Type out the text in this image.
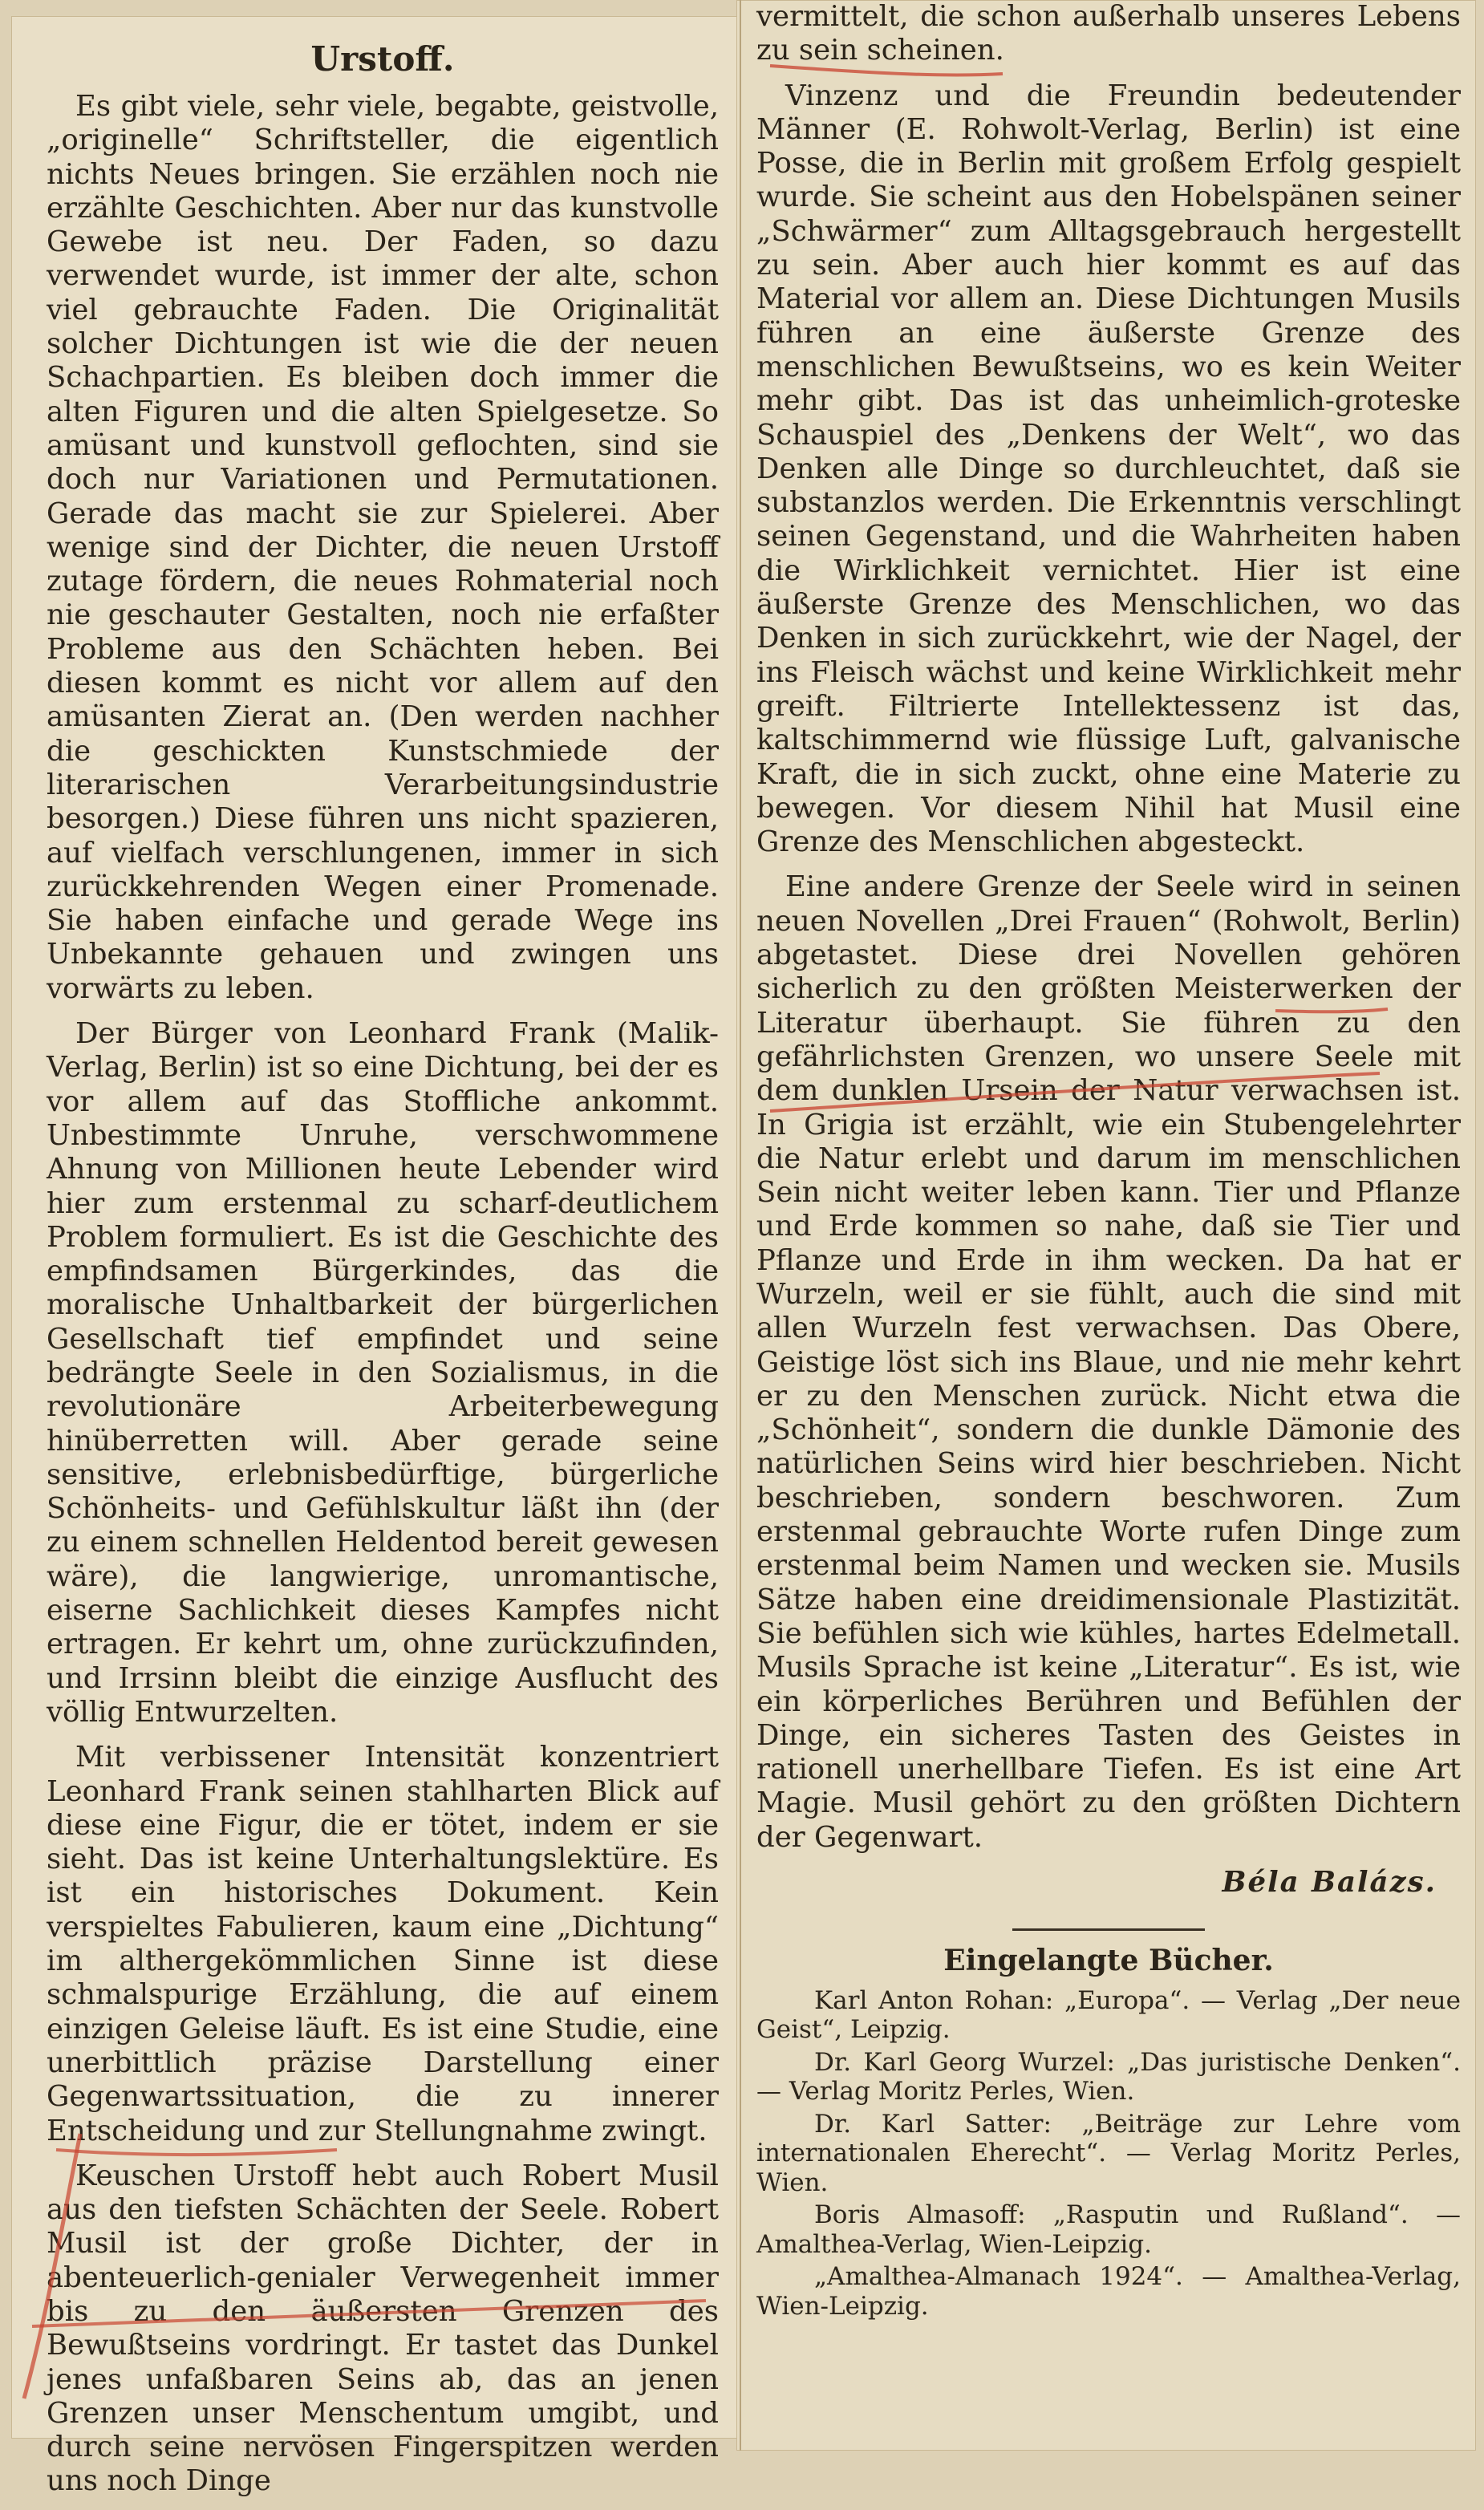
Urstoff.

Es gibt viele, sehr viele, begabte, geistvolle, „originelle“ Schriftsteller, die eigentlich nichts Neues bringen. Sie erzählen noch nie erzählte Geschichten. Aber nur das kunstvolle Gewebe ist neu. Der Faden, so dazu verwendet wurde, ist immer der alte, schon viel gebrauchte Faden. Die Originalität solcher Dichtungen ist wie die der neuen Schachpartien. Es bleiben doch immer die alten Figuren und die alten Spielgesetze. So amüsant und kunstvoll geflochten, sind sie doch nur Variationen und Permutationen. Gerade das macht sie zur Spielerei. Aber wenige sind der Dichter, die neuen Urstoff zutage fördern, die neues Rohmaterial noch nie geschauter Gestalten, noch nie erfaßter Probleme aus den Schächten heben. Bei diesen kommt es nicht vor allem auf den amüsanten Zierat an. (Den werden nachher die geschickten Kunstschmiede der literarischen Verarbeitungsindustrie besorgen.) Diese führen uns nicht spazieren, auf vielfach verschlungenen, immer in sich zurückkehrenden Wegen einer Promenade. Sie haben einfache und gerade Wege ins Unbekannte gehauen und zwingen uns vorwärts zu leben.

Der Bürger von Leonhard Frank (Malik-Verlag, Berlin) ist so eine Dichtung, bei der es vor allem auf das Stoffliche ankommt. Unbestimmte Unruhe, verschwommene Ahnung von Millionen heute Lebender wird hier zum erstenmal zu scharf-deutlichem Problem formuliert. Es ist die Geschichte des empfindsamen Bürgerkindes, das die moralische Unhaltbarkeit der bürgerlichen Gesellschaft tief empfindet und seine bedrängte Seele in den Sozialismus, in die revolutionäre Arbeiterbewegung hinüberretten will. Aber gerade seine sensitive, erlebnisbedürftige, bürgerliche Schönheits- und Gefühlskultur läßt ihn (der zu einem schnellen Heldentod bereit gewesen wäre), die langwierige, unromantische, eiserne Sachlichkeit dieses Kampfes nicht ertragen. Er kehrt um, ohne zurückzufinden, und Irrsinn bleibt die einzige Ausflucht des völlig Entwurzelten.

Mit verbissener Intensität konzentriert Leonhard Frank seinen stahlharten Blick auf diese eine Figur, die er tötet, indem er sie sieht. Das ist keine Unterhaltungslektüre. Es ist ein historisches Dokument. Kein verspieltes Fabulieren, kaum eine „Dichtung“ im althergekömmlichen Sinne ist diese schmalspurige Erzählung, die auf einem einzigen Geleise läuft. Es ist eine Studie, eine unerbittlich präzise Darstellung einer Gegenwartssituation, die zu innerer Entscheidung und zur Stellungnahme zwingt.

Keuschen Urstoff hebt auch Robert Musil aus den tiefsten Schächten der Seele. Robert Musil ist der große Dichter, der in abenteuerlich-genialer Verwegenheit immer bis zu den äußersten Grenzen des Bewußtseins vordringt. Er tastet das Dunkel jenes unfaßbaren Seins ab, das an jenen Grenzen unser Menschentum umgibt, und durch seine nervösen Fingerspitzen werden uns noch Dinge

vermittelt, die schon außerhalb unseres Lebens zu sein scheinen.

Vinzenz und die Freundin bedeutender Männer (E. Rohwolt-Verlag, Berlin) ist eine Posse, die in Berlin mit großem Erfolg gespielt wurde. Sie scheint aus den Hobelspänen seiner „Schwärmer“ zum Alltagsgebrauch hergestellt zu sein. Aber auch hier kommt es auf das Material vor allem an. Diese Dichtungen Musils führen an eine äußerste Grenze des menschlichen Bewußtseins, wo es kein Weiter mehr gibt. Das ist das unheimlich-groteske Schauspiel des „Denkens der Welt“, wo das Denken alle Dinge so durchleuchtet, daß sie substanzlos werden. Die Erkenntnis verschlingt seinen Gegenstand, und die Wahrheiten haben die Wirklichkeit vernichtet. Hier ist eine äußerste Grenze des Menschlichen, wo das Denken in sich zurückkehrt, wie der Nagel, der ins Fleisch wächst und keine Wirklichkeit mehr greift. Filtrierte Intellektessenz ist das, kaltschimmernd wie flüssige Luft, galvanische Kraft, die in sich zuckt, ohne eine Materie zu bewegen. Vor diesem Nihil hat Musil eine Grenze des Menschlichen abgesteckt.

Eine andere Grenze der Seele wird in seinen neuen Novellen „Drei Frauen“ (Rohwolt, Berlin) abgetastet. Diese drei Novellen gehören sicherlich zu den größten Meisterwerken der Literatur überhaupt. Sie führen zu den gefährlichsten Grenzen, wo unsere Seele mit dem dunklen Ursein der Natur verwachsen ist. In Grigia ist erzählt, wie ein Stubengelehrter die Natur erlebt und darum im menschlichen Sein nicht weiter leben kann. Tier und Pflanze und Erde kommen so nahe, daß sie Tier und Pflanze und Erde in ihm wecken. Da hat er Wurzeln, weil er sie fühlt, auch die sind mit allen Wurzeln fest verwachsen. Das Obere, Geistige löst sich ins Blaue, und nie mehr kehrt er zu den Menschen zurück. Nicht etwa die „Schönheit“, sondern die dunkle Dämonie des natürlichen Seins wird hier beschrieben. Nicht beschrieben, sondern beschworen. Zum erstenmal gebrauchte Worte rufen Dinge zum erstenmal beim Namen und wecken sie. Musils Sätze haben eine dreidimensionale Plastizität. Sie befühlen sich wie kühles, hartes Edelmetall. Musils Sprache ist keine „Literatur“. Es ist, wie ein körperliches Berühren und Befühlen der Dinge, ein sicheres Tasten des Geistes in rationell unerhellbare Tiefen. Es ist eine Art Magie. Musil gehört zu den größten Dichtern der Gegenwart.

Béla Balázs.
Eingelangte Bücher.

Karl Anton Rohan: „Europa“. — Verlag „Der neue Geist“, Leipzig.

Dr. Karl Georg Wurzel: „Das juristische Denken“. — Verlag Moritz Perles, Wien.

Dr. Karl Satter: „Beiträge zur Lehre vom internationalen Eherecht“. — Verlag Moritz Perles, Wien.

Boris Almasoff: „Rasputin und Rußland“. — Amalthea-Verlag, Wien-Leipzig.

„Amalthea-Almanach 1924“. — Amalthea-Verlag, Wien-Leipzig.
